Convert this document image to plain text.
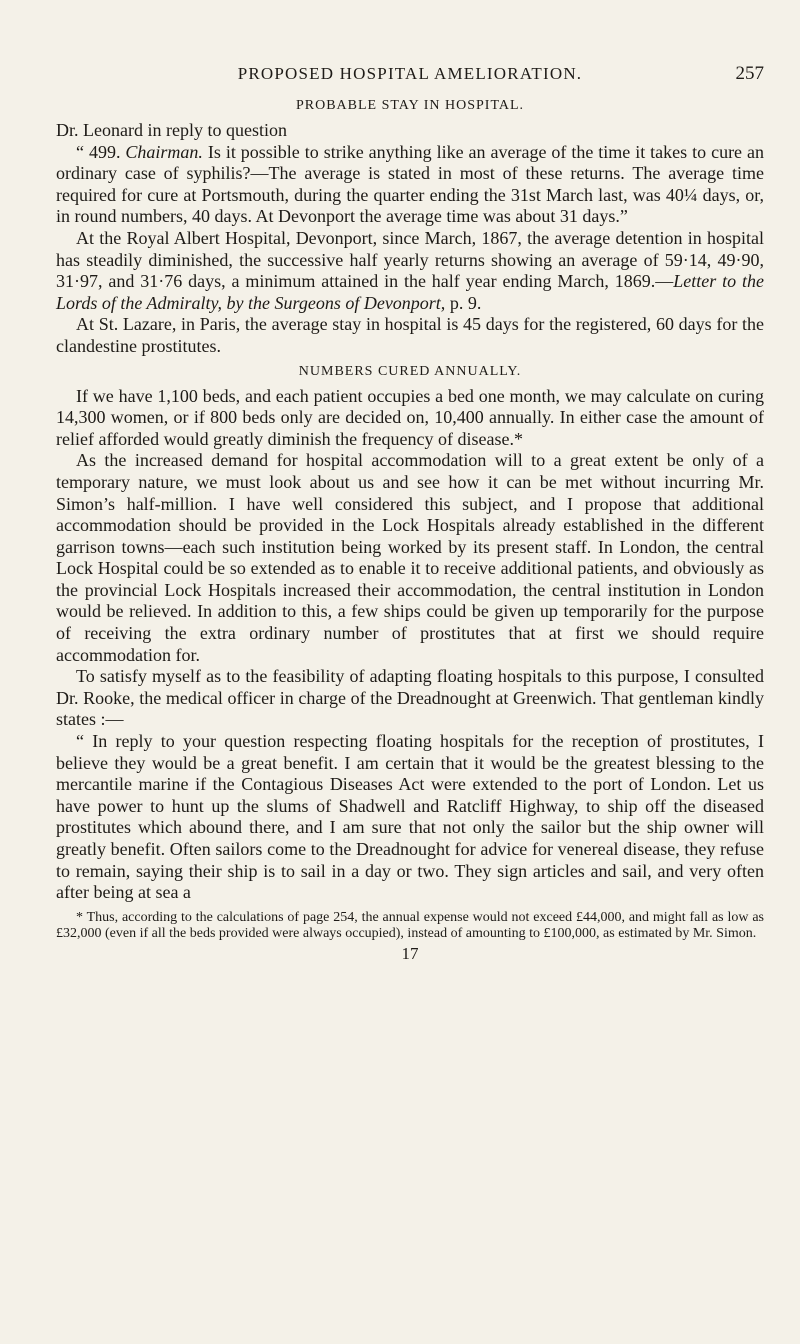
PROPOSED HOSPITAL AMELIORATION.	257
PROBABLE STAY IN HOSPITAL.

Dr. Leonard in reply to question

“ 499. Chairman. Is it possible to strike anything like an average of the time it takes to cure an ordinary case of syphilis?—The average is stated in most of these returns. The average time required for cure at Portsmouth, during the quarter ending the 31st March last, was 40¼ days, or, in round numbers, 40 days. At Devonport the average time was about 31 days.”

At the Royal Albert Hospital, Devonport, since March, 1867, the average detention in hospital has steadily diminished, the successive half yearly returns showing an average of 59·14, 49·90, 31·97, and 31·76 days, a minimum attained in the half year ending March, 1869.—Letter to the Lords of the Admiralty, by the Surgeons of Devonport, p. 9.

At St. Lazare, in Paris, the average stay in hospital is 45 days for the registered, 60 days for the clandestine prostitutes.

NUMBERS CURED ANNUALLY.

If we have 1,100 beds, and each patient occupies a bed one month, we may calculate on curing 14,300 women, or if 800 beds only are decided on, 10,400 annually. In either case the amount of relief afforded would greatly diminish the frequency of disease.*

As the increased demand for hospital accommodation will to a great extent be only of a temporary nature, we must look about us and see how it can be met without incurring Mr. Simon’s half-million. I have well considered this subject, and I propose that additional accommodation should be provided in the Lock Hospitals already established in the different garrison towns—each such institution being worked by its present staff. In London, the central Lock Hospital could be so extended as to enable it to receive additional patients, and obviously as the provincial Lock Hospitals increased their accommodation, the central institution in London would be relieved. In addition to this, a few ships could be given up temporarily for the purpose of receiving the extra ordinary number of prostitutes that at first we should require accommodation for.

To satisfy myself as to the feasibility of adapting floating hospitals to this purpose, I consulted Dr. Rooke, the medical officer in charge of the Dreadnought at Greenwich. That gentleman kindly states :—

“ In reply to your question respecting floating hospitals for the reception of prostitutes, I believe they would be a great benefit. I am certain that it would be the greatest blessing to the mercantile marine if the Contagious Diseases Act were extended to the port of London. Let us have power to hunt up the slums of Shadwell and Ratcliff Highway, to ship off the diseased prostitutes which abound there, and I am sure that not only the sailor but the ship owner will greatly benefit. Often sailors come to the Dreadnought for advice for venereal disease, they refuse to remain, saying their ship is to sail in a day or two. They sign articles and sail, and very often after being at sea a

* Thus, according to the calculations of page 254, the annual expense would not exceed £44,000, and might fall as low as £32,000 (even if all the beds provided were always occupied), instead of amounting to £100,000, as estimated by Mr. Simon.
17
